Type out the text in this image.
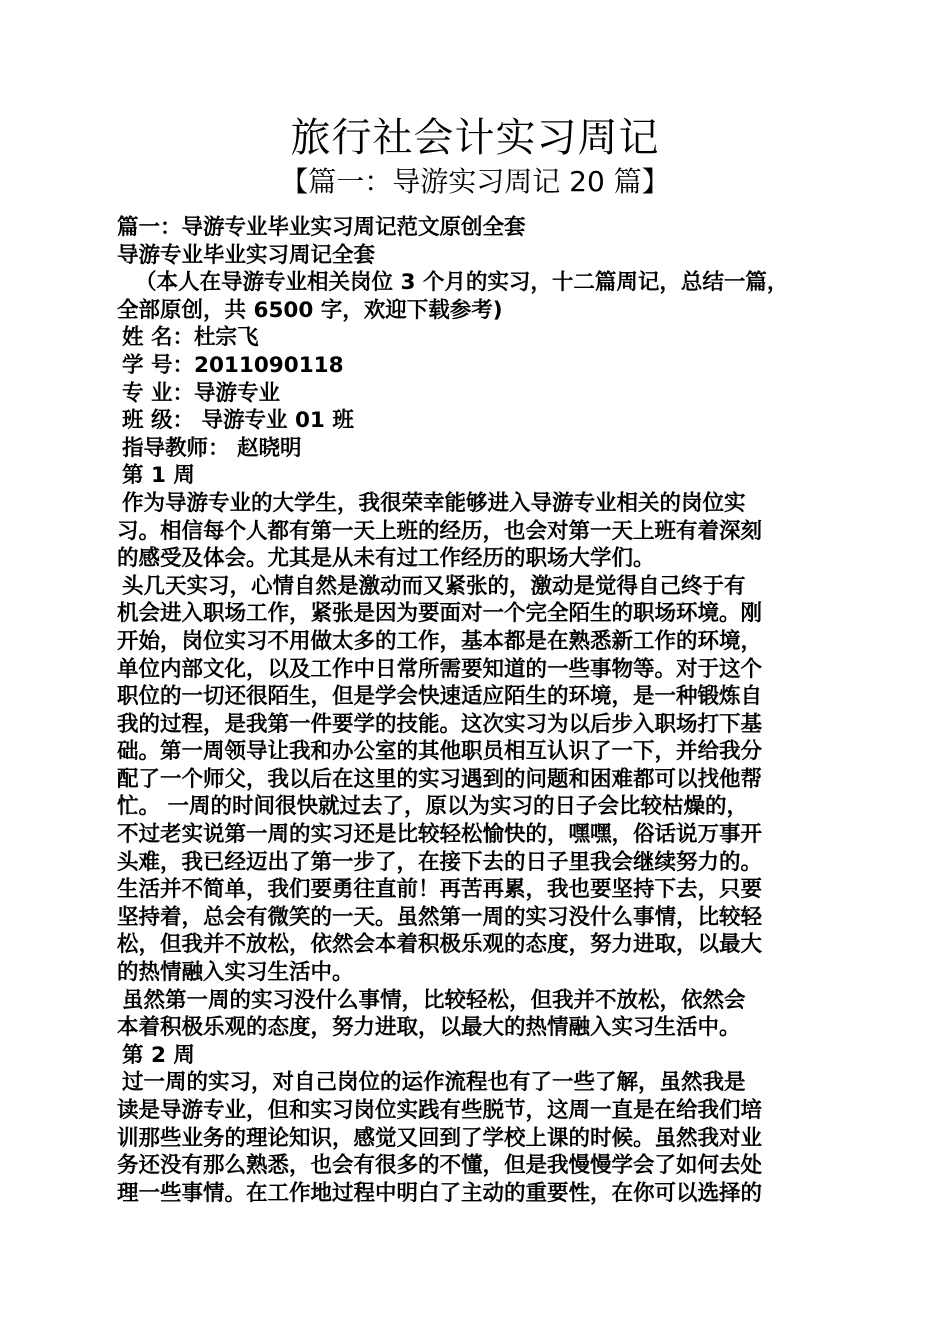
旅行社会计实习周记
【篇一：导游实习周记 20 篇】
篇一：导游专业毕业实习周记范文原创全套
导游专业毕业实习周记全套
（本人在导游专业相关岗位 3 个月的实习，十二篇周记，总结一篇，
全部原创，共 6500 字，欢迎下载参考)
姓 名：杜宗飞
学 号：2011090118
专 业：导游专业
班 级： 导游专业 01 班
指导教师： 赵晓明
第 1 周
作为导游专业的大学生，我很荣幸能够进入导游专业相关的岗位实
习。相信每个人都有第一天上班的经历，也会对第一天上班有着深刻
的感受及体会。尤其是从未有过工作经历的职场大学们。
头几天实习，心情自然是激动而又紧张的，激动是觉得自己终于有
机会进入职场工作，紧张是因为要面对一个完全陌生的职场环境。刚
开始，岗位实习不用做太多的工作，基本都是在熟悉新工作的环境，
单位内部文化，以及工作中日常所需要知道的一些事物等。对于这个
职位的一切还很陌生，但是学会快速适应陌生的环境，是一种锻炼自
我的过程，是我第一件要学的技能。这次实习为以后步入职场打下基
础。第一周领导让我和办公室的其他职员相互认识了一下，并给我分
配了一个师父，我以后在这里的实习遇到的问题和困难都可以找他帮
忙。 一周的时间很快就过去了，原以为实习的日子会比较枯燥的，
不过老实说第一周的实习还是比较轻松愉快的，嘿嘿，俗话说万事开
头难，我已经迈出了第一步了，在接下去的日子里我会继续努力的。
生活并不简单，我们要勇往直前！再苦再累，我也要坚持下去，只要
坚持着，总会有微笑的一天。虽然第一周的实习没什么事情，比较轻
松，但我并不放松，依然会本着积极乐观的态度，努力进取，以最大
的热情融入实习生活中。
虽然第一周的实习没什么事情，比较轻松，但我并不放松，依然会
本着积极乐观的态度，努力进取，以最大的热情融入实习生活中。
第 2 周
过一周的实习，对自己岗位的运作流程也有了一些了解，虽然我是
读是导游专业，但和实习岗位实践有些脱节，这周一直是在给我们培
训那些业务的理论知识，感觉又回到了学校上课的时候。虽然我对业
务还没有那么熟悉，也会有很多的不懂，但是我慢慢学会了如何去处
理一些事情。在工作地过程中明白了主动的重要性，在你可以选择的
